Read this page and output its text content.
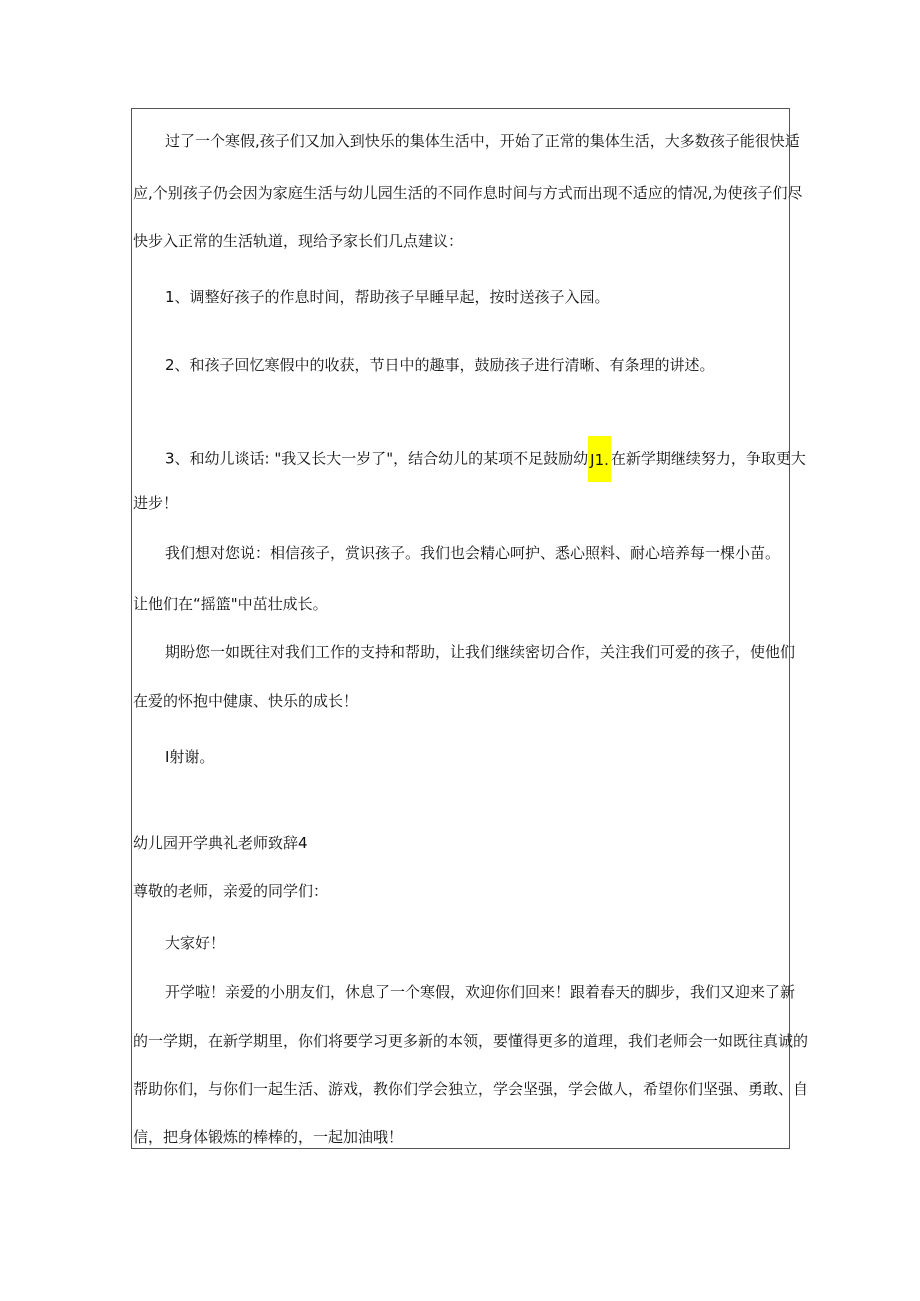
过了一个寒假,孩子们又加入到快乐的集体生活中，开始了正常的集体生活，大多数孩子能很快适
应,个别孩子仍会因为家庭生活与幼儿园生活的不同作息时间与方式而出现不适应的情况,为使孩子们尽
快步入正常的生活轨道，现给予家长们几点建议：
1、调整好孩子的作息时间，帮助孩子早睡早起，按时送孩子入园。
2、和孩子回忆寒假中的收获，节日中的趣事，鼓励孩子进行清晰、有条理的讲述。
3、和幼儿谈话: "我又长大一岁了"，结合幼儿的某项不足鼓励幼 J1. 在新学期继续努力，争取更大
进步！
我们想对您说：相信孩子，赏识孩子。我们也会精心呵护、悉心照料、耐心培养每一棵小苗。
让他们在“摇篮"中茁壮成长。
期盼您一如既往对我们工作的支持和帮助，让我们继续密切合作，关注我们可爱的孩子，使他们
在爱的怀抱中健康、快乐的成长！
I射谢。
幼儿园开学典礼老师致辞4
尊敬的老师，亲爱的同学们：
大家好！
开学啦！亲爱的小朋友们，休息了一个寒假，欢迎你们回来！跟着春天的脚步，我们又迎来了新
的一学期，在新学期里，你们将要学习更多新的本领，要懂得更多的道理，我们老师会一如既往真诚的
帮助你们，与你们一起生活、游戏，教你们学会独立，学会坚强，学会做人，希望你们坚强、勇敢、自
信，把身体锻炼的棒棒的，一起加油哦！
